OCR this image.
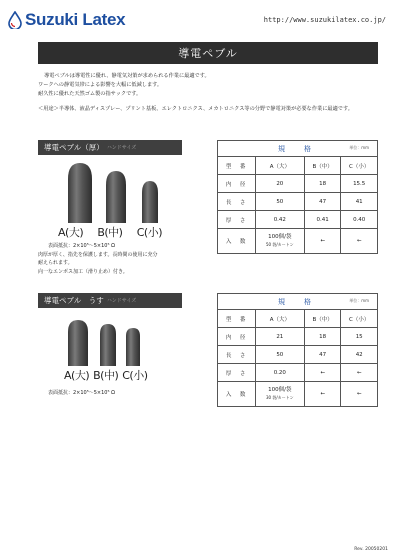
Suzuki Latex	http://www.suzukilatex.co.jp/
導電ペブル

導電ペブルは導電性に優れ、静電気対策が求められる作業に最適です。

ワークへの静電気帯による影響を大幅に低減します。

耐久性に優れた天然ゴム製の指サックです。

＜用途＞半導体、液晶ディスプレー、プリント基板、エレクトロニクス、メカトロニクス等の分野で静電対策が必要な作業に最適です。

導電ペブル（厚） ハンドサイズ
A(大) B(中) C(小)

表面抵抗：2×10⁵〜5×10⁵ Ω

肉厚が厚く、指先を保護します。長時間の使用に充分

耐えられます。

向一なエンボス加工（滑り止め）付き。

規　格 単位：mm			

型　番	A（大）	B（中）	C（小）
内　径	20	18	15.5
長　さ	50	47	41
厚　さ	0.42	0.41	0.40
入　数	100個/袋
50 袋/カートン	←	←
導電ペブル　うす ハンドサイズ
A(大) B(中) C(小)

表面抵抗：2×10⁵〜5×10⁵ Ω

規　格 単位：mm			

型　番	A（大）	B（中）	C（小）
内　径	21	18	15
長　さ	50	47	42
厚　さ	0.20	←	←
入　数	100個/袋
30 袋/カートン	←	←
Rev. 20050201
